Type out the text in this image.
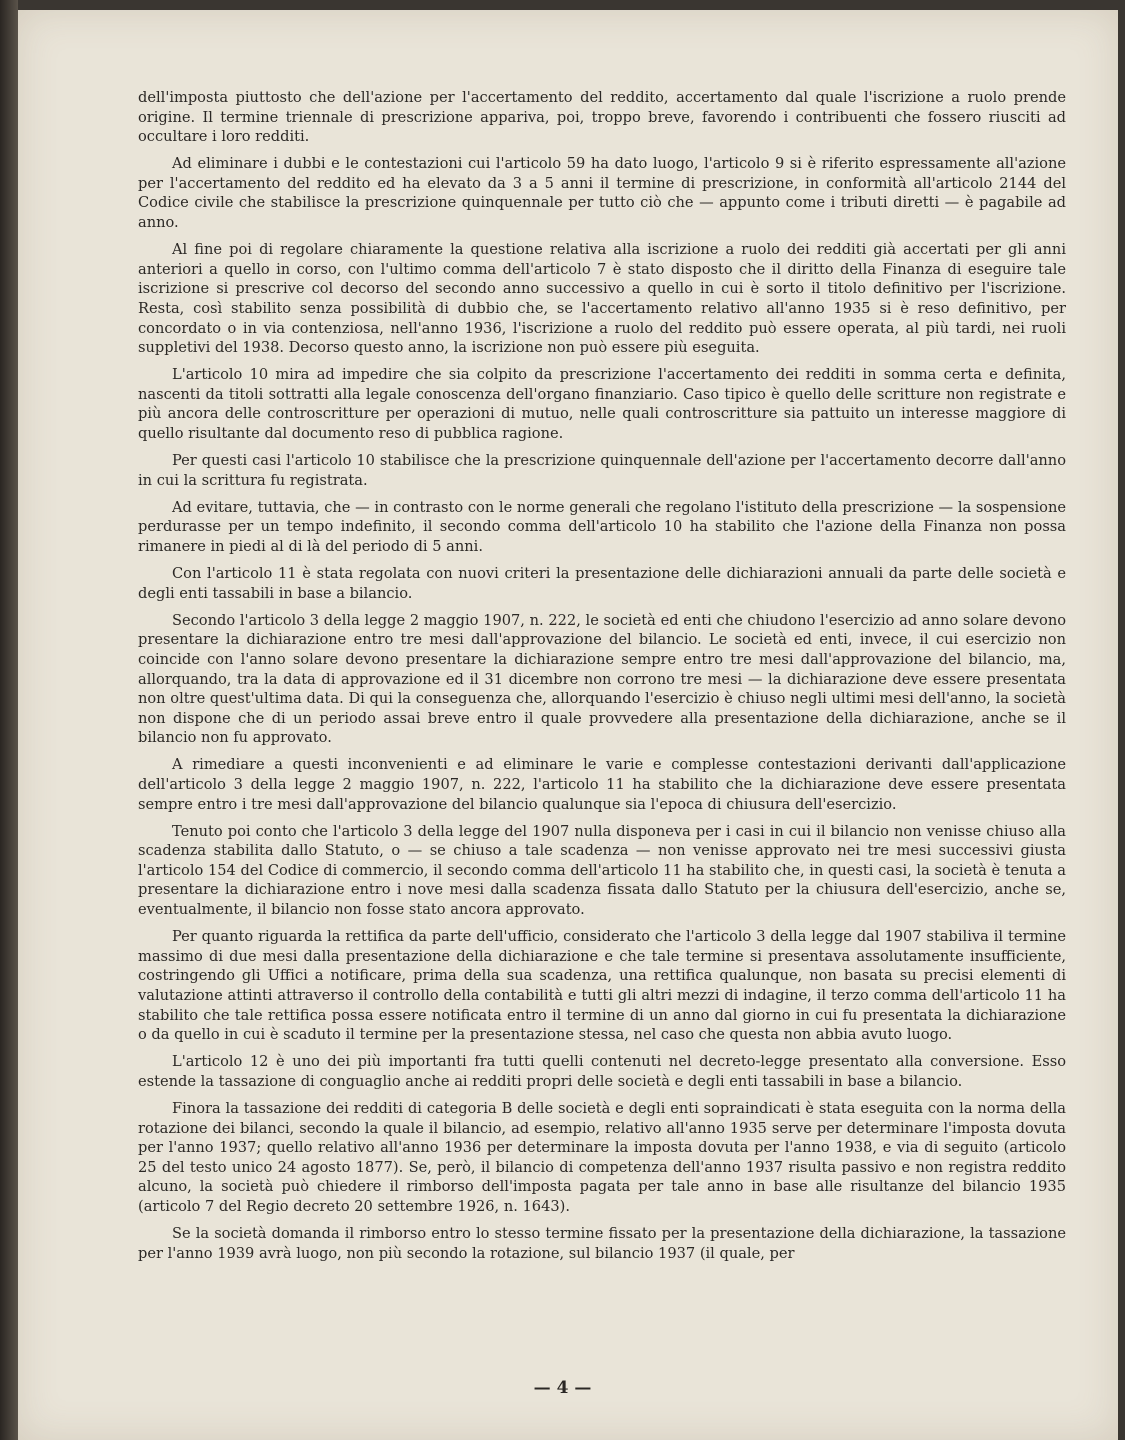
dell'imposta piuttosto che dell'azione per l'accertamento del reddito, accertamento dal quale l'iscrizione a ruolo prende origine. Il termine triennale di prescrizione appariva, poi, troppo breve, favorendo i contribuenti che fossero riusciti ad occultare i loro redditi.

Ad eliminare i dubbi e le contestazioni cui l'articolo 59 ha dato luogo, l'articolo 9 si è riferito espressamente all'azione per l'accertamento del reddito ed ha elevato da 3 a 5 anni il termine di prescrizione, in conformità all'articolo 2144 del Codice civile che stabilisce la prescrizione quinquennale per tutto ciò che — appunto come i tributi diretti — è pagabile ad anno.

Al fine poi di regolare chiaramente la questione relativa alla iscrizione a ruolo dei redditi già accertati per gli anni anteriori a quello in corso, con l'ultimo comma dell'articolo 7 è stato disposto che il diritto della Finanza di eseguire tale iscrizione si prescrive col decorso del secondo anno successivo a quello in cui è sorto il titolo definitivo per l'iscrizione. Resta, così stabilito senza possibilità di dubbio che, se l'accertamento relativo all'anno 1935 si è reso definitivo, per concordato o in via contenziosa, nell'anno 1936, l'iscrizione a ruolo del reddito può essere operata, al più tardi, nei ruoli suppletivi del 1938. Decorso questo anno, la iscrizione non può essere più eseguita.

L'articolo 10 mira ad impedire che sia colpito da prescrizione l'accertamento dei redditi in somma certa e definita, nascenti da titoli sottratti alla legale conoscenza dell'organo finanziario. Caso tipico è quello delle scritture non registrate e più ancora delle controscritture per operazioni di mutuo, nelle quali controscritture sia pattuito un interesse maggiore di quello risultante dal documento reso di pubblica ragione.

Per questi casi l'articolo 10 stabilisce che la prescrizione quinquennale dell'azione per l'accertamento decorre dall'anno in cui la scrittura fu registrata.

Ad evitare, tuttavia, che — in contrasto con le norme generali che regolano l'istituto della prescrizione — la sospensione perdurasse per un tempo indefinito, il secondo comma dell'articolo 10 ha stabilito che l'azione della Finanza non possa rimanere in piedi al di là del periodo di 5 anni.

Con l'articolo 11 è stata regolata con nuovi criteri la presentazione delle dichiarazioni annuali da parte delle società e degli enti tassabili in base a bilancio.

Secondo l'articolo 3 della legge 2 maggio 1907, n. 222, le società ed enti che chiudono l'esercizio ad anno solare devono presentare la dichiarazione entro tre mesi dall'approvazione del bilancio. Le società ed enti, invece, il cui esercizio non coincide con l'anno solare devono presentare la dichiarazione sempre entro tre mesi dall'approvazione del bilancio, ma, allorquando, tra la data di approvazione ed il 31 dicembre non corrono tre mesi — la dichiarazione deve essere presentata non oltre quest'ultima data. Di qui la conseguenza che, allorquando l'esercizio è chiuso negli ultimi mesi dell'anno, la società non dispone che di un periodo assai breve entro il quale provvedere alla presentazione della dichiarazione, anche se il bilancio non fu approvato.

A rimediare a questi inconvenienti e ad eliminare le varie e complesse contestazioni derivanti dall'applicazione dell'articolo 3 della legge 2 maggio 1907, n. 222, l'articolo 11 ha stabilito che la dichiarazione deve essere presentata sempre entro i tre mesi dall'approvazione del bilancio qualunque sia l'epoca di chiusura dell'esercizio.

Tenuto poi conto che l'articolo 3 della legge del 1907 nulla disponeva per i casi in cui il bilancio non venisse chiuso alla scadenza stabilita dallo Statuto, o — se chiuso a tale scadenza — non venisse approvato nei tre mesi successivi giusta l'articolo 154 del Codice di commercio, il secondo comma dell'articolo 11 ha stabilito che, in questi casi, la società è tenuta a presentare la dichiarazione entro i nove mesi dalla scadenza fissata dallo Statuto per la chiusura dell'esercizio, anche se, eventualmente, il bilancio non fosse stato ancora approvato.

Per quanto riguarda la rettifica da parte dell'ufficio, considerato che l'articolo 3 della legge dal 1907 stabiliva il termine massimo di due mesi dalla presentazione della dichiarazione e che tale termine si presentava assolutamente insufficiente, costringendo gli Uffici a notificare, prima della sua scadenza, una rettifica qualunque, non basata su precisi elementi di valutazione attinti attraverso il controllo della contabilità e tutti gli altri mezzi di indagine, il terzo comma dell'articolo 11 ha stabilito che tale rettifica possa essere notificata entro il termine di un anno dal giorno in cui fu presentata la dichiarazione o da quello in cui è scaduto il termine per la presentazione stessa, nel caso che questa non abbia avuto luogo.

L'articolo 12 è uno dei più importanti fra tutti quelli contenuti nel decreto-legge presentato alla conversione. Esso estende la tassazione di conguaglio anche ai redditi propri delle società e degli enti tassabili in base a bilancio.

Finora la tassazione dei redditi di categoria B delle società e degli enti sopraindicati è stata eseguita con la norma della rotazione dei bilanci, secondo la quale il bilancio, ad esempio, relativo all'anno 1935 serve per determinare l'imposta dovuta per l'anno 1937; quello relativo all'anno 1936 per determinare la imposta dovuta per l'anno 1938, e via di seguito (articolo 25 del testo unico 24 agosto 1877). Se, però, il bilancio di competenza dell'anno 1937 risulta passivo e non registra reddito alcuno, la società può chiedere il rimborso dell'imposta pagata per tale anno in base alle risultanze del bilancio 1935 (articolo 7 del Regio decreto 20 settembre 1926, n. 1643).

Se la società domanda il rimborso entro lo stesso termine fissato per la presentazione della dichiarazione, la tassazione per l'anno 1939 avrà luogo, non più secondo la rotazione, sul bilancio 1937 (il quale, per

— 4 —
